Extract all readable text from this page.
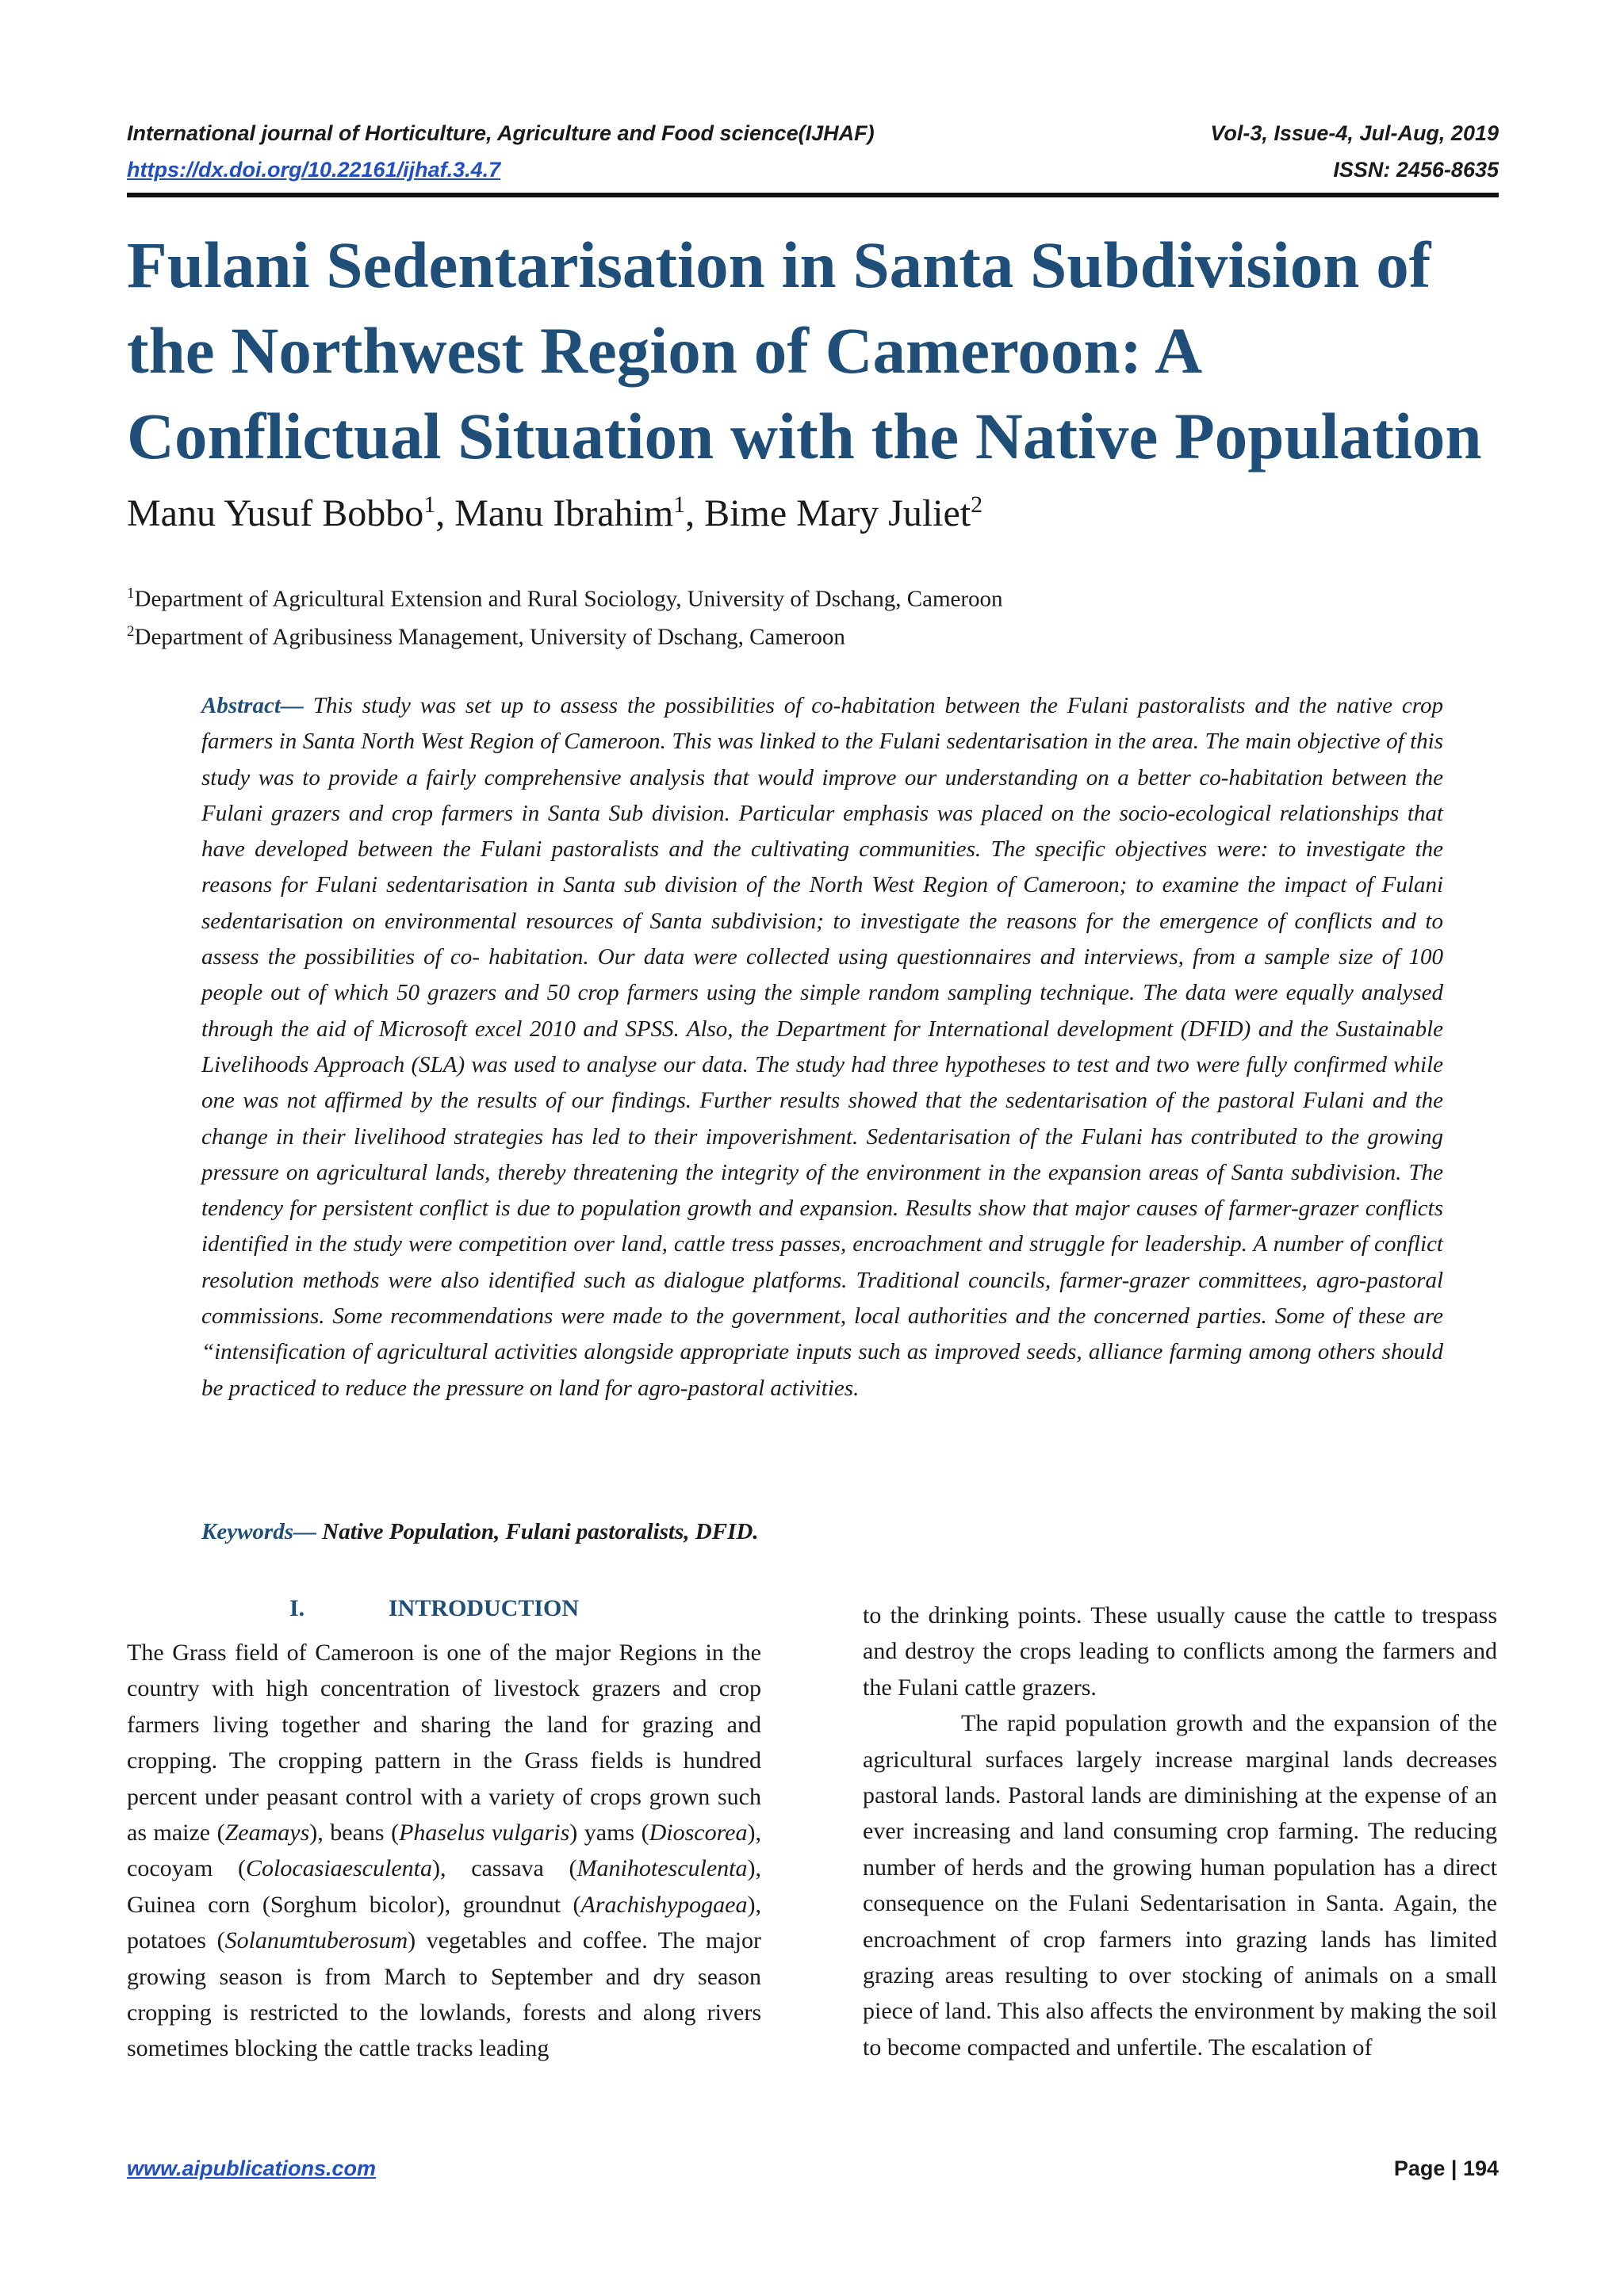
International journal of Horticulture, Agriculture and Food science(IJHAF)	Vol-3, Issue-4, Jul-Aug, 2019
https://dx.doi.org/10.22161/ijhaf.3.4.7	ISSN: 2456-8635
Fulani Sedentarisation in Santa Subdivision of the Northwest Region of Cameroon: A Conflictual Situation with the Native Population
Manu Yusuf Bobbo$^1$, Manu Ibrahim$^1$, Bime Mary Juliet$^2$
$^1$Department of Agricultural Extension and Rural Sociology, University of Dschang, Cameroon
$^2$Department of Agribusiness Management, University of Dschang, Cameroon
Abstract— This study was set up to assess the possibilities of co-habitation between the Fulani pastoralists and the native crop farmers in Santa North West Region of Cameroon. This was linked to the Fulani sedentarisation in the area. The main objective of this study was to provide a fairly comprehensive analysis that would improve our understanding on a better co-habitation between the Fulani grazers and crop farmers in Santa Sub division. Particular emphasis was placed on the socio-ecological relationships that have developed between the Fulani pastoralists and the cultivating communities. The specific objectives were: to investigate the reasons for Fulani sedentarisation in Santa sub division of the North West Region of Cameroon; to examine the impact of Fulani sedentarisation on environmental resources of Santa subdivision; to investigate the reasons for the emergence of conflicts and to assess the possibilities of co- habitation. Our data were collected using questionnaires and interviews, from a sample size of 100 people out of which 50 grazers and 50 crop farmers using the simple random sampling technique. The data were equally analysed through the aid of Microsoft excel 2010 and SPSS. Also, the Department for International development (DFID) and the Sustainable Livelihoods Approach (SLA) was used to analyse our data. The study had three hypotheses to test and two were fully confirmed while one was not affirmed by the results of our findings. Further results showed that the sedentarisation of the pastoral Fulani and the change in their livelihood strategies has led to their impoverishment. Sedentarisation of the Fulani has contributed to the growing pressure on agricultural lands, thereby threatening the integrity of the environment in the expansion areas of Santa subdivision. The tendency for persistent conflict is due to population growth and expansion. Results show that major causes of farmer-grazer conflicts identified in the study were competition over land, cattle tress passes, encroachment and struggle for leadership. A number of conflict resolution methods were also identified such as dialogue platforms. Traditional councils, farmer-grazer committees, agro-pastoral commissions. Some recommendations were made to the government, local authorities and the concerned parties. Some of these are “intensification of agricultural activities alongside appropriate inputs such as improved seeds, alliance farming among others should be practiced to reduce the pressure on land for agro-pastoral activities.
Keywords— Native Population, Fulani pastoralists, DFID.
I.	INTRODUCTION

The Grass field of Cameroon is one of the major Regions in the country with high concentration of livestock grazers and crop farmers living together and sharing the land for grazing and cropping. The cropping pattern in the Grass fields is hundred percent under peasant control with a variety of crops grown such as maize (Zeamays), beans (Phaselus vulgaris) yams (Dioscorea), cocoyam (Colocasiaesculenta), cassava (Manihotesculenta), Guinea corn (Sorghum bicolor), groundnut (Arachishypogaea), potatoes (Solanumtuberosum) vegetables and coffee. The major growing season is from March to September and dry season cropping is restricted to the lowlands, forests and along rivers sometimes blocking the cattle tracks leading

to the drinking points. These usually cause the cattle to trespass and destroy the crops leading to conflicts among the farmers and the Fulani cattle grazers.

The rapid population growth and the expansion of the agricultural surfaces largely increase marginal lands decreases pastoral lands. Pastoral lands are diminishing at the expense of an ever increasing and land consuming crop farming. The reducing number of herds and the growing human population has a direct consequence on the Fulani Sedentarisation in Santa. Again, the encroachment of crop farmers into grazing lands has limited grazing areas resulting to over stocking of animals on a small piece of land. This also affects the environment by making the soil to become compacted and unfertile. The escalation of

www.aipublications.com	Page | 194
